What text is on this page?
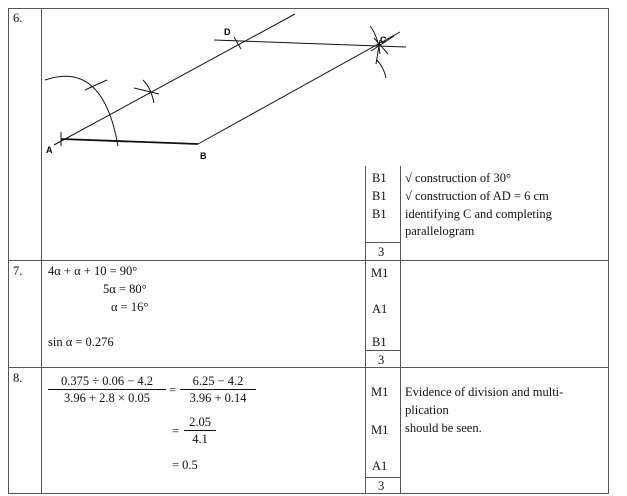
6.
A
B
C
D
B1
B1
B1
√ construction of 30°
√ construction of AD = 6 cm
identifying C and completing
parallelogram
3
7. 4α + α + 10 = 90°
5α = 80°
α = 16°
sin α = 0.276
M1
A1
B1
3
8. $\frac{0.375 \div 0.06 - 4.2}{3.96 + 2.8 \times 0.05} = \frac{6.25 - 4.2}{3.96 + 0.14}$
= $\frac{2.05}{4.1}$
= 0.5
M1
M1
A1
Evidence of division and multi-
plication
should be seen.
3
